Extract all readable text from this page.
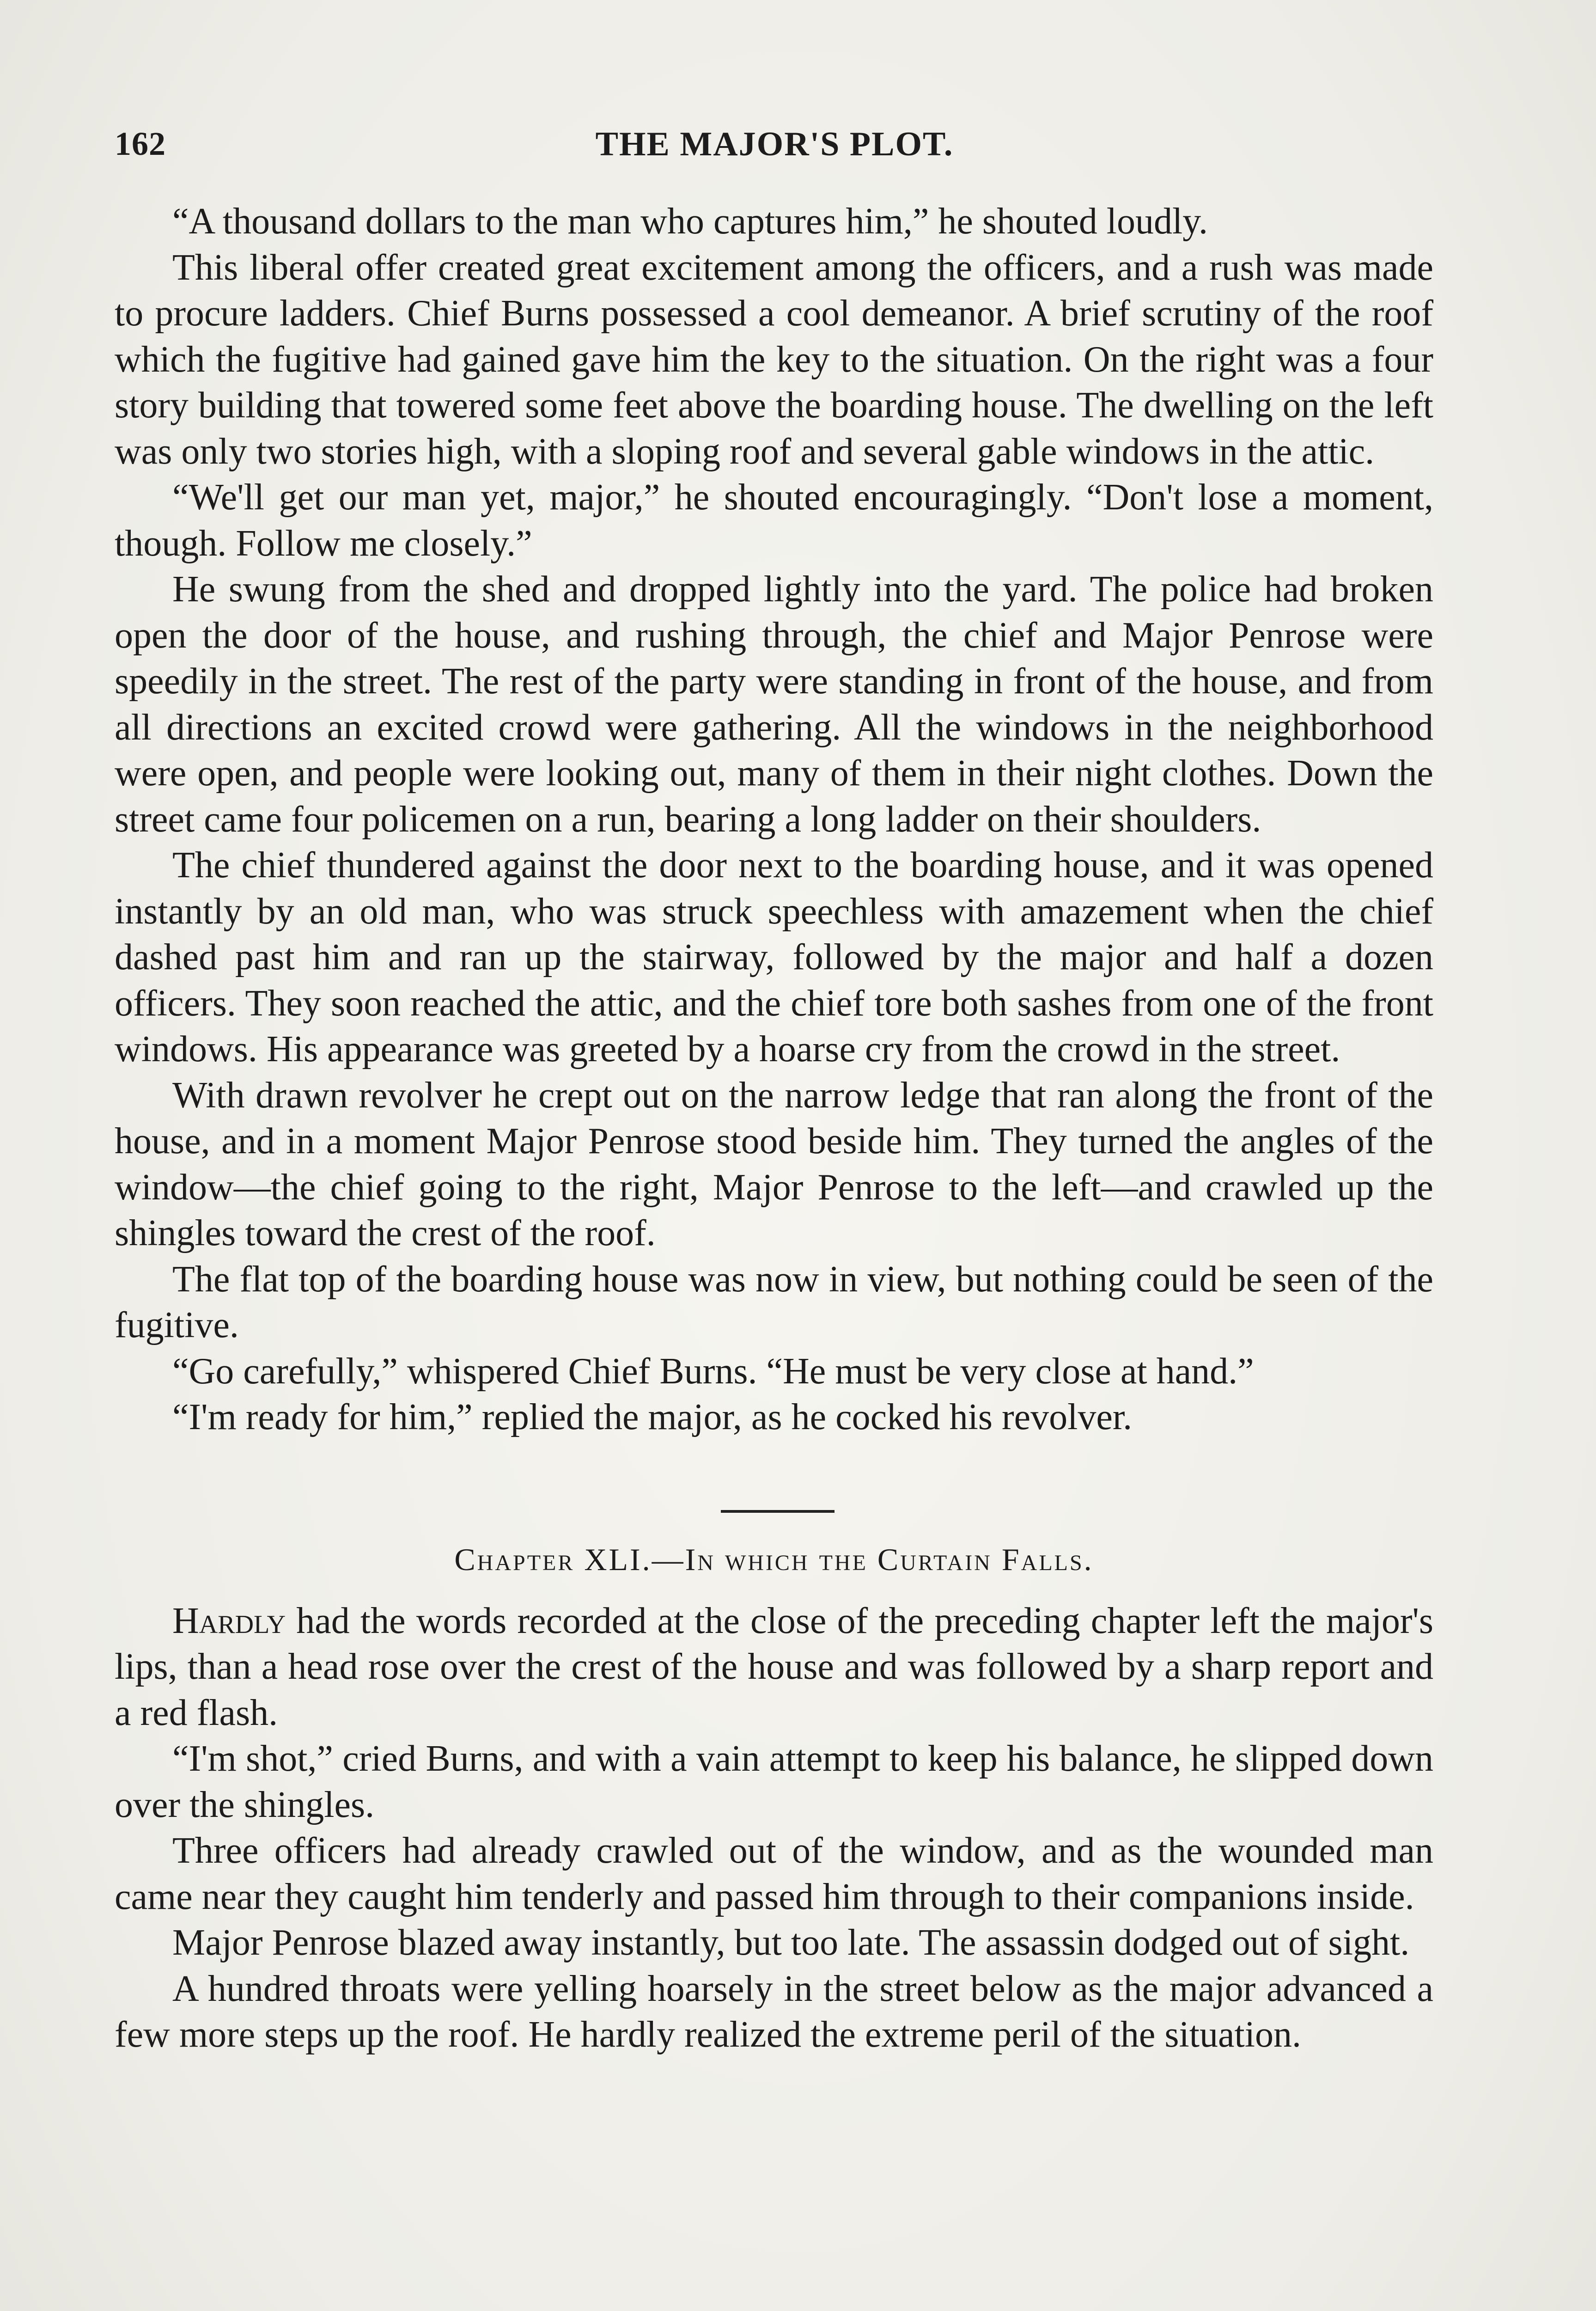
162	THE MAJOR'S PLOT.

“A thousand dollars to the man who captures him,” he shouted loudly.

This liberal offer created great excitement among the officers, and a rush was made to procure ladders. Chief Burns possessed a cool demeanor. A brief scrutiny of the roof which the fugitive had gained gave him the key to the situation. On the right was a four story building that towered some feet above the boarding house. The dwelling on the left was only two stories high, with a sloping roof and several gable windows in the attic.

“We'll get our man yet, major,” he shouted encouragingly. “Don't lose a moment, though. Follow me closely.”

He swung from the shed and dropped lightly into the yard. The police had broken open the door of the house, and rushing through, the chief and Major Penrose were speedily in the street. The rest of the party were standing in front of the house, and from all directions an excited crowd were gathering. All the windows in the neighborhood were open, and people were looking out, many of them in their night clothes. Down the street came four policemen on a run, bearing a long ladder on their shoulders.

The chief thundered against the door next to the boarding house, and it was opened instantly by an old man, who was struck speechless with amazement when the chief dashed past him and ran up the stairway, followed by the major and half a dozen officers. They soon reached the attic, and the chief tore both sashes from one of the front windows. His appearance was greeted by a hoarse cry from the crowd in the street.

With drawn revolver he crept out on the narrow ledge that ran along the front of the house, and in a moment Major Penrose stood beside him. They turned the angles of the window—the chief going to the right, Major Penrose to the left—and crawled up the shingles toward the crest of the roof.

The flat top of the boarding house was now in view, but nothing could be seen of the fugitive.

“Go carefully,” whispered Chief Burns. “He must be very close at hand.”

“I'm ready for him,” replied the major, as he cocked his revolver.

Chapter XLI.—In which the Curtain Falls.

Hardly had the words recorded at the close of the preceding chapter left the major's lips, than a head rose over the crest of the house and was followed by a sharp report and a red flash.

“I'm shot,” cried Burns, and with a vain attempt to keep his balance, he slipped down over the shingles.

Three officers had already crawled out of the window, and as the wounded man came near they caught him tenderly and passed him through to their companions inside.

Major Penrose blazed away instantly, but too late. The assassin dodged out of sight.

A hundred throats were yelling hoarsely in the street below as the major advanced a few more steps up the roof. He hardly realized the extreme peril of the situation.
